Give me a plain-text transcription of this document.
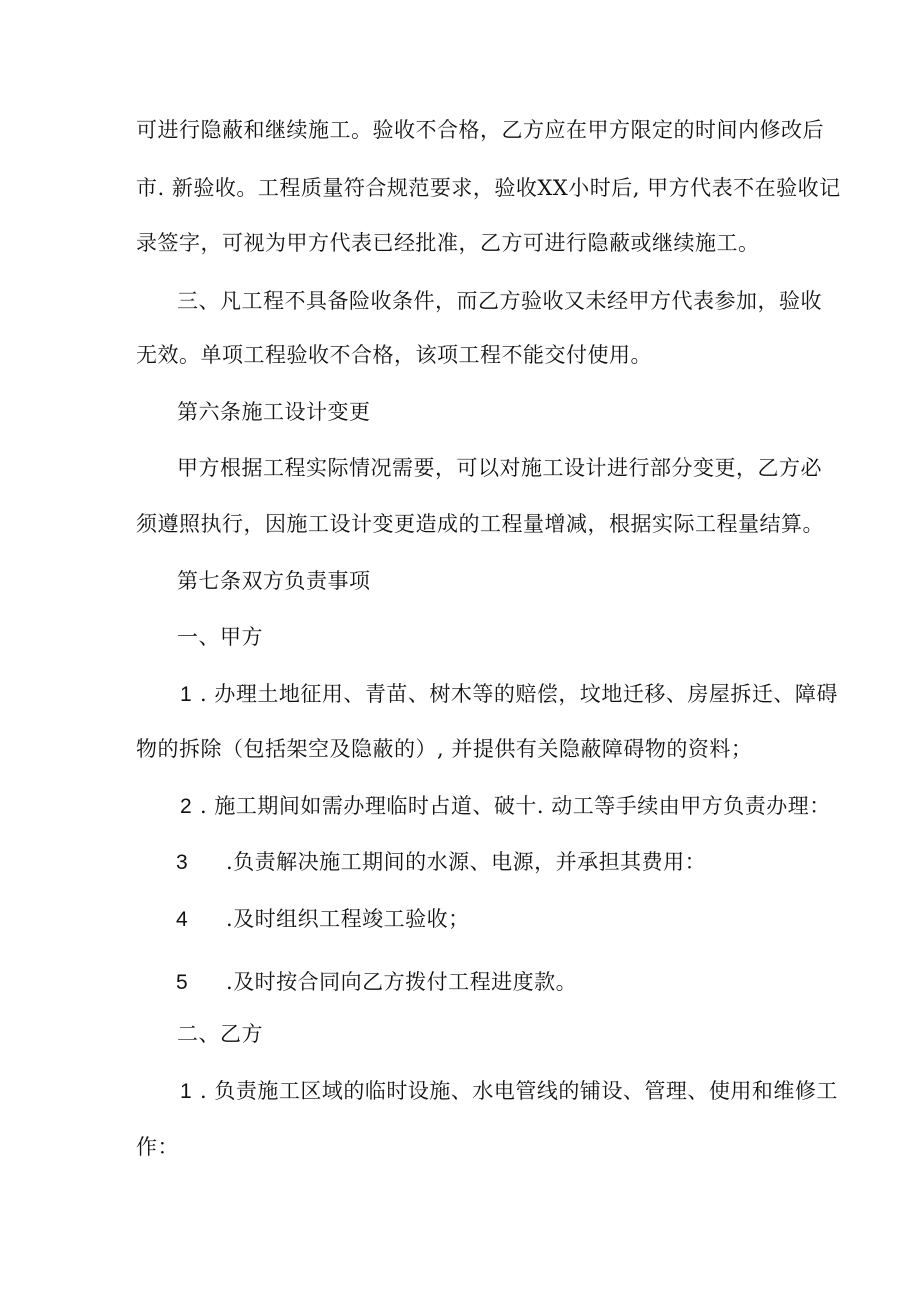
可进行隐蔽和继续施工。验收不合格，乙方应在甲方限定的时间内修改后
市. 新验收。工程质量符合规范要求，验收XX小时后, 甲方代表不在验收记
录签字，可视为甲方代表已经批准，乙方可进行隐蔽或继续施工。
三、凡工程不具备险收条件，而乙方验收又未经甲方代表参加，验收
无效。单项工程验收不合格，该项工程不能交付使用。
第六条施工设计变更
甲方根据工程实际情况需要，可以对施工设计进行部分变更，乙方必
须遵照执行，因施工设计变更造成的工程量增减，根据实际工程量结算。
第七条双方负责事项
一、甲方
1 . 办理土地征用、青苗、树木等的赔偿，坟地迁移、房屋拆迁、障碍
物的拆除（包括架空及隐蔽的）, 并提供有关隐蔽障碍物的资料；
2 . 施工期间如需办理临时占道、破十. 动工等手续由甲方负责办理：
3 .负责解决施工期间的水源、电源，并承担其费用：
4 .及时组织工程竣工验收；
5 .及时按合同向乙方拨付工程进度款。
二、乙方
1 . 负责施工区域的临时设施、水电管线的铺设、管理、使用和维修工
作：
